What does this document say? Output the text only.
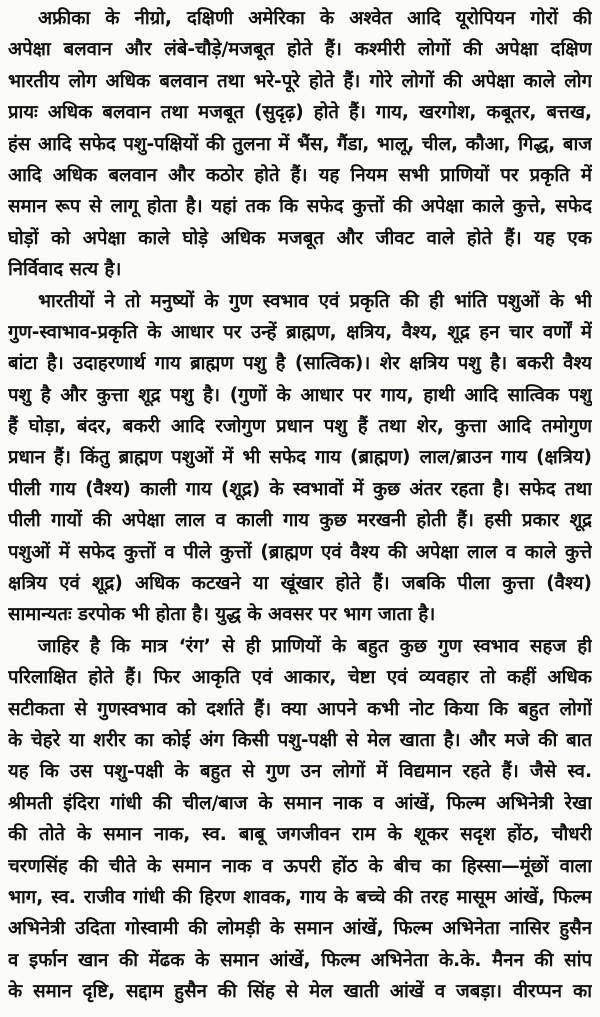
अफ्रीका के नीग्रो, दक्षिणी अमेरिका के अश्वेत आदि यूरोपियन गोरों की
अपेक्षा बलवान और लंबे-चौड़े/मजबूत होते हैं। कश्मीरी लोगों की अपेक्षा दक्षिण
भारतीय लोग अधिक बलवान तथा भरे-पूरे होते हैं। गोरे लोगों की अपेक्षा काले लोग
प्रायः अधिक बलवान तथा मजबूत (सुदृढ़) होते हैं। गाय, खरगोश, कबूतर, बत्तख,
हंस आदि सफेद पशु-पक्षियों की तुलना में भैंस, गैंडा, भालू, चील, कौआ, गिद्ध, बाज
आदि अधिक बलवान और कठोर होते हैं। यह नियम सभी प्राणियों पर प्रकृति में
समान रूप से लागू होता है। यहां तक कि सफेद कुत्तों की अपेक्षा काले कुत्ते, सफेद
घोड़ों को अपेक्षा काले घोड़े अधिक मजबूत और जीवट वाले होते हैं। यह एक
निर्विवाद सत्य है।
भारतीयों ने तो मनुष्यों के गुण स्वभाव एवं प्रकृति की ही भांति पशुओं के भी
गुण-स्वाभाव-प्रकृति के आधार पर उन्हें ब्राह्मण, क्षत्रिय, वैश्य, शूद्र हन चार वर्णों में
बांटा है। उदाहरणार्थ गाय ब्राह्मण पशु है (सात्विक)। शेर क्षत्रिय पशु है। बकरी वैश्य
पशु है और कुत्ता शूद्र पशु है। (गुणों के आधार पर गाय, हाथी आदि सात्विक पशु
हैं घोड़ा, बंदर, बकरी आदि रजोगुण प्रधान पशु हैं तथा शेर, कुत्ता आदि तमोगुण
प्रधान हैं। किंतु ब्राह्मण पशुओं में भी सफेद गाय (ब्राह्मण) लाल/ब्राउन गाय (क्षत्रिय)
पीली गाय (वैश्य) काली गाय (शूद्र) के स्वभावों में कुछ अंतर रहता है। सफेद तथा
पीली गायों की अपेक्षा लाल व काली गाय कुछ मरखनी होती हैं। हसी प्रकार शूद्र
पशुओं में सफेद कुत्तों व पीले कुत्तों (ब्राह्मण एवं वैश्य की अपेक्षा लाल व काले कुत्ते
क्षत्रिय एवं शूद्र) अधिक कटखने या खूंखार होते हैं। जबकि पीला कुत्ता (वैश्य)
सामान्यतः डरपोक भी होता है। युद्ध के अवसर पर भाग जाता है।
जाहिर है कि मात्र ‘रंग’ से ही प्राणियों के बहुत कुछ गुण स्वभाव सहज ही
परिलाक्षित होते हैं। फिर आकृति एवं आकार, चेष्टा एवं व्यवहार तो कहीं अधिक
सटीकता से गुणस्वभाव को दर्शाते हैं। क्या आपने कभी नोट किया कि बहुत लोगों
के चेहरे या शरीर का कोई अंग किसी पशु-पक्षी से मेल खाता है। और मजे की बात
यह कि उस पशु-पक्षी के बहुत से गुण उन लोगों में विद्यमान रहते हैं। जैसे स्व.
श्रीमती इंदिरा गांधी की चील/बाज के समान नाक व आंखें, फिल्म अभिनेत्री रेखा
की तोते के समान नाक, स्व. बाबू जगजीवन राम के शूकर सदृश होंठ, चौधरी
चरणसिंह की चीते के समान नाक व ऊपरी होंठ के बीच का हिस्सा—मूंछों वाला
भाग, स्व. राजीव गांधी की हिरण शावक, गाय के बच्चे की तरह मासूम आंखें, फिल्म
अभिनेत्री उदिता गोस्वामी की लोमड़ी के समान आंखें, फिल्म अभिनेता नासिर हुसैन
व इर्फान खान की मेंढक के समान आंखें, फिल्म अभिनेता के.के. मैनन की सांप
के समान दृष्टि, सद्दाम हुसैन की सिंह से मेल खाती आंखें व जबड़ा। वीरप्पन का
